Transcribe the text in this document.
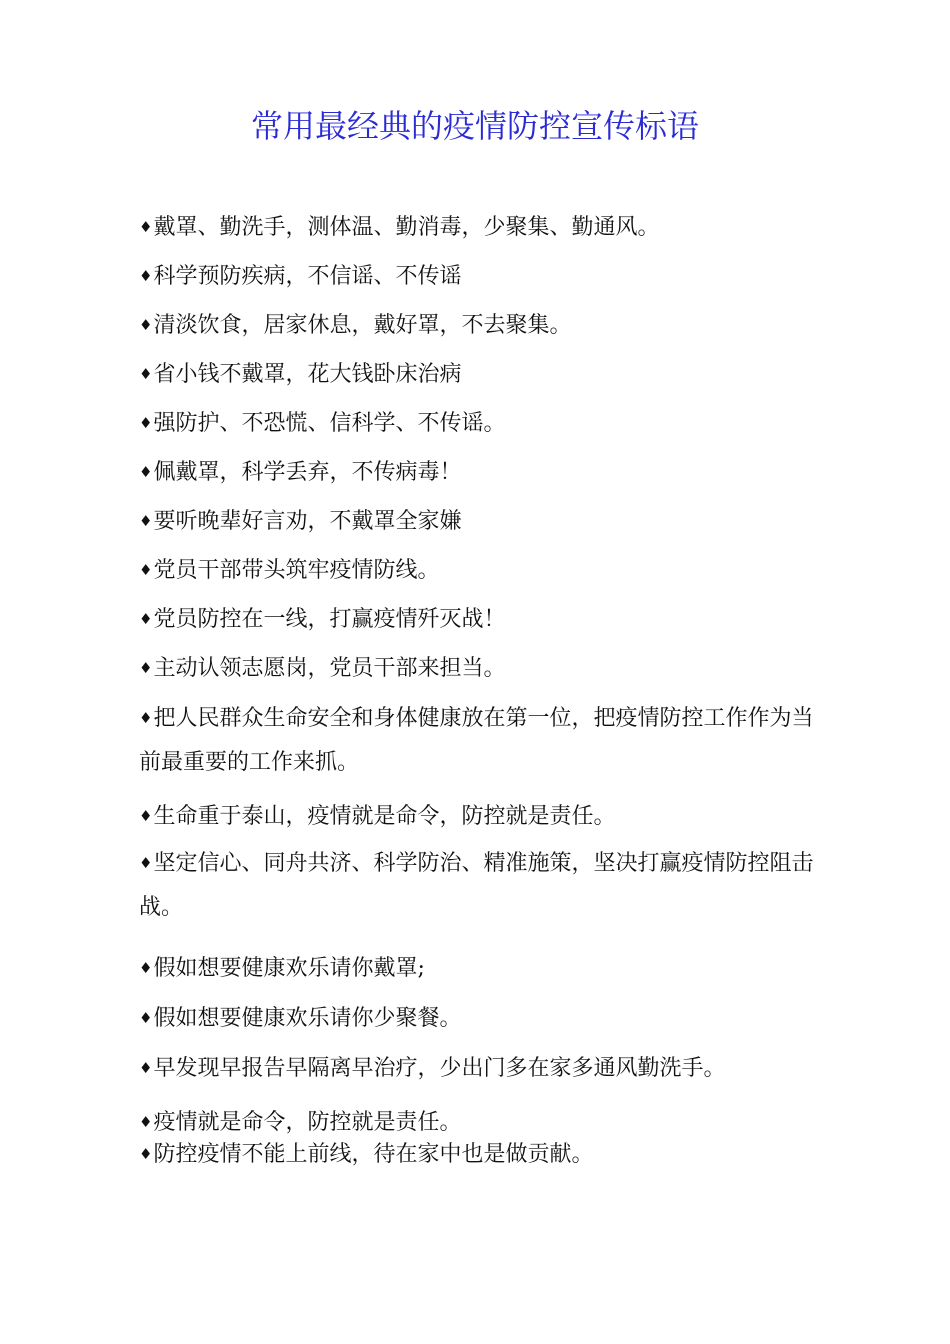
常用最经典的疫情防控宣传标语

♦戴罩、勤洗手，测体温、勤消毒，少聚集、勤通风。

♦科学预防疾病，不信谣、不传谣

♦清淡饮食，居家休息，戴好罩，不去聚集。

♦省小钱不戴罩，花大钱卧床治病

♦强防护、不恐慌、信科学、不传谣。

♦佩戴罩，科学丢弃，不传病毒！

♦要听晚辈好言劝，不戴罩全家嫌

♦党员干部带头筑牢疫情防线。

♦党员防控在一线，打赢疫情歼灭战！

♦主动认领志愿岗，党员干部来担当。

♦把人民群众生命安全和身体健康放在第一位，把疫情防控工作作为当前最重要的工作来抓。

♦生命重于泰山，疫情就是命令，防控就是责任。

♦坚定信心、同舟共济、科学防治、精准施策，坚决打赢疫情防控阻击战。

♦假如想要健康欢乐请你戴罩;

♦假如想要健康欢乐请你少聚餐。

♦早发现早报告早隔离早治疗，少出门多在家多通风勤洗手。

♦疫情就是命令，防控就是责任。

♦防控疫情不能上前线，待在家中也是做贡献。
